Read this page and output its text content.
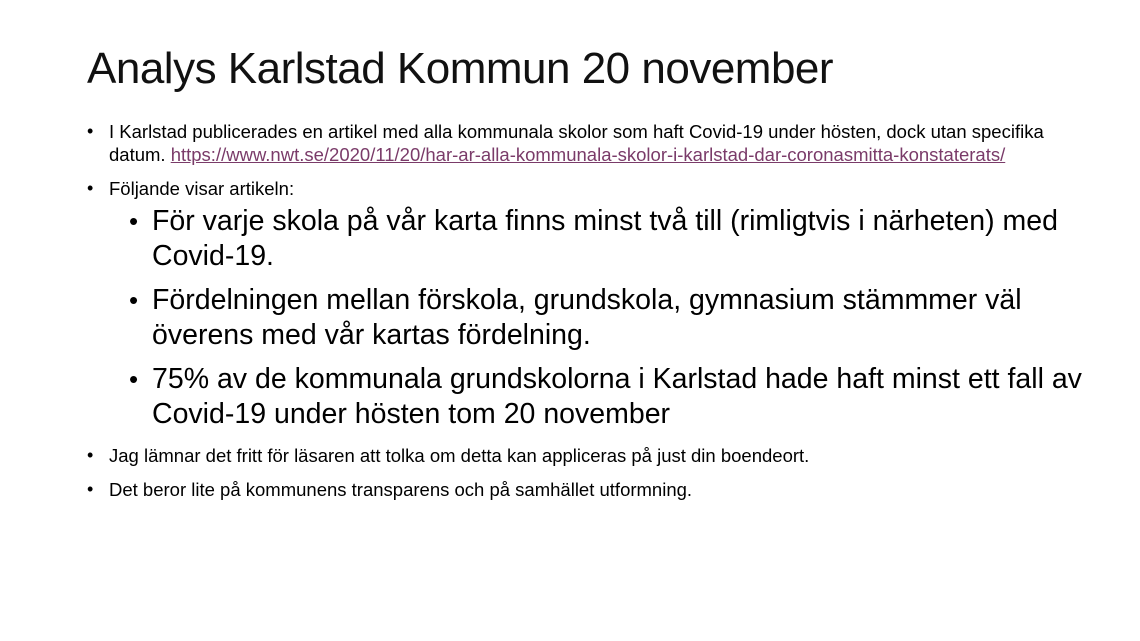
Analys Karlstad Kommun 20 november
• I Karlstad publicerades en artikel med alla kommunala skolor som haft Covid-19 under hösten, dock utan specifika datum. https://www.nwt.se/2020/11/20/har-ar-alla-kommunala-skolor-i-karlstad-dar-coronasmitta-konstaterats/
• Följande visar artikeln:
• För varje skola på vår karta finns minst två till (rimligtvis i närheten) med Covid-19.
• Fördelningen mellan förskola, grundskola, gymnasium stämmmer väl överens med vår kartas fördelning.
• 75% av de kommunala grundskolorna i Karlstad hade haft minst ett fall av Covid-19 under hösten tom 20 november
• Jag lämnar det fritt för läsaren att tolka om detta kan appliceras på just din boendeort.
• Det beror lite på kommunens transparens och på samhället utformning.
